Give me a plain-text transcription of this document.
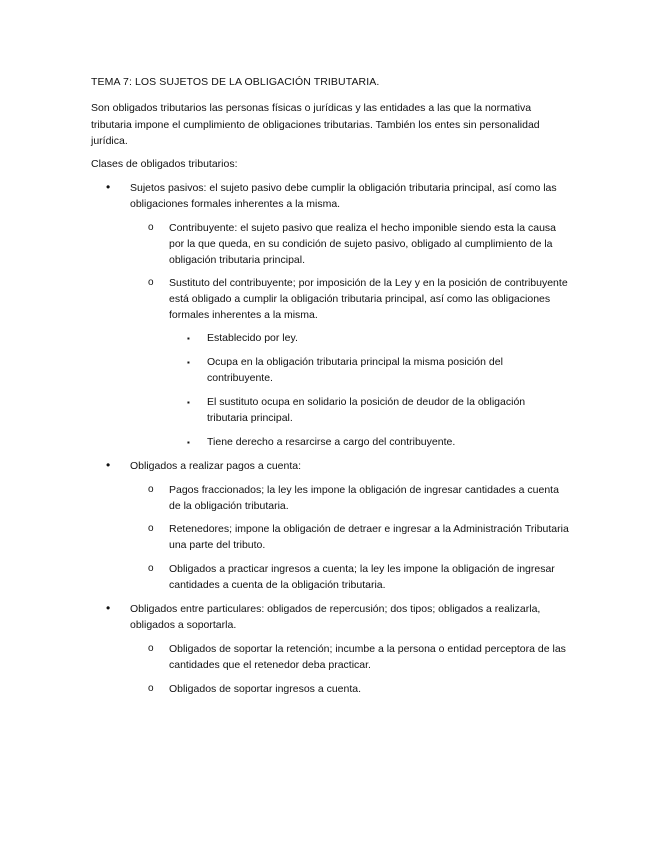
TEMA 7: LOS SUJETOS DE LA OBLIGACIÓN TRIBUTARIA.
Son obligados tributarios las personas físicas o jurídicas y las entidades a las que la normativa tributaria impone el cumplimiento de obligaciones tributarias. También los entes sin personalidad jurídica.
Clases de obligados tributarios:
• Sujetos pasivos: el sujeto pasivo debe cumplir la obligación tributaria principal, así como las obligaciones formales inherentes a la misma.
o Contribuyente: el sujeto pasivo que realiza el hecho imponible siendo esta la causa por la que queda, en su condición de sujeto pasivo, obligado al cumplimiento de la obligación tributaria principal.
o Sustituto del contribuyente; por imposición de la Ley y en la posición de contribuyente está obligado a cumplir la obligación tributaria principal, así como las obligaciones formales inherentes a la misma.
▪ Establecido por ley.
▪ Ocupa en la obligación tributaria principal la misma posición del contribuyente.
▪ El sustituto ocupa en solidario la posición de deudor de la obligación tributaria principal.
▪ Tiene derecho a resarcirse a cargo del contribuyente.
• Obligados a realizar pagos a cuenta:
o Pagos fraccionados; la ley les impone la obligación de ingresar cantidades a cuenta de la obligación tributaria.
o Retenedores; impone la obligación de detraer e ingresar a la Administración Tributaria una parte del tributo.
o Obligados a practicar ingresos a cuenta; la ley les impone la obligación de ingresar cantidades a cuenta de la obligación tributaria.
• Obligados entre particulares: obligados de repercusión; dos tipos; obligados a realizarla, obligados a soportarla.
o Obligados de soportar la retención; incumbe a la persona o entidad perceptora de las cantidades que el retenedor deba practicar.
o Obligados de soportar ingresos a cuenta.
